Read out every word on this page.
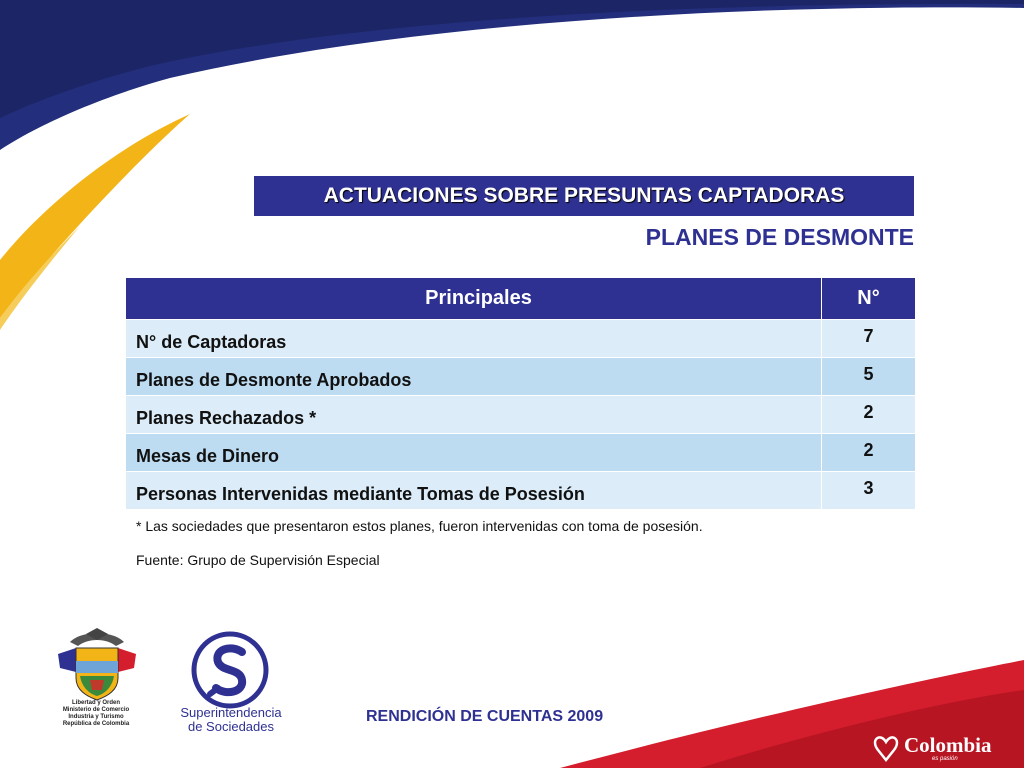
ACTUACIONES SOBRE PRESUNTAS CAPTADORAS
PLANES DE DESMONTE
Principales	N°
N° de Captadoras	7
Planes de Desmonte Aprobados	5
Planes Rechazados *	2
Mesas de Dinero	2
Personas Intervenidas mediante Tomas de Posesión	3
* Las sociedades que presentaron estos planes, fueron intervenidas con toma de posesión.
Fuente: Grupo de Supervisión Especial
Libertad y Orden
Ministerio de Comercio
Industria y Turismo
República de Colombia
Superintendencia
de Sociedades
RENDICIÓN DE CUENTAS 2009
Colombia
es pasión
